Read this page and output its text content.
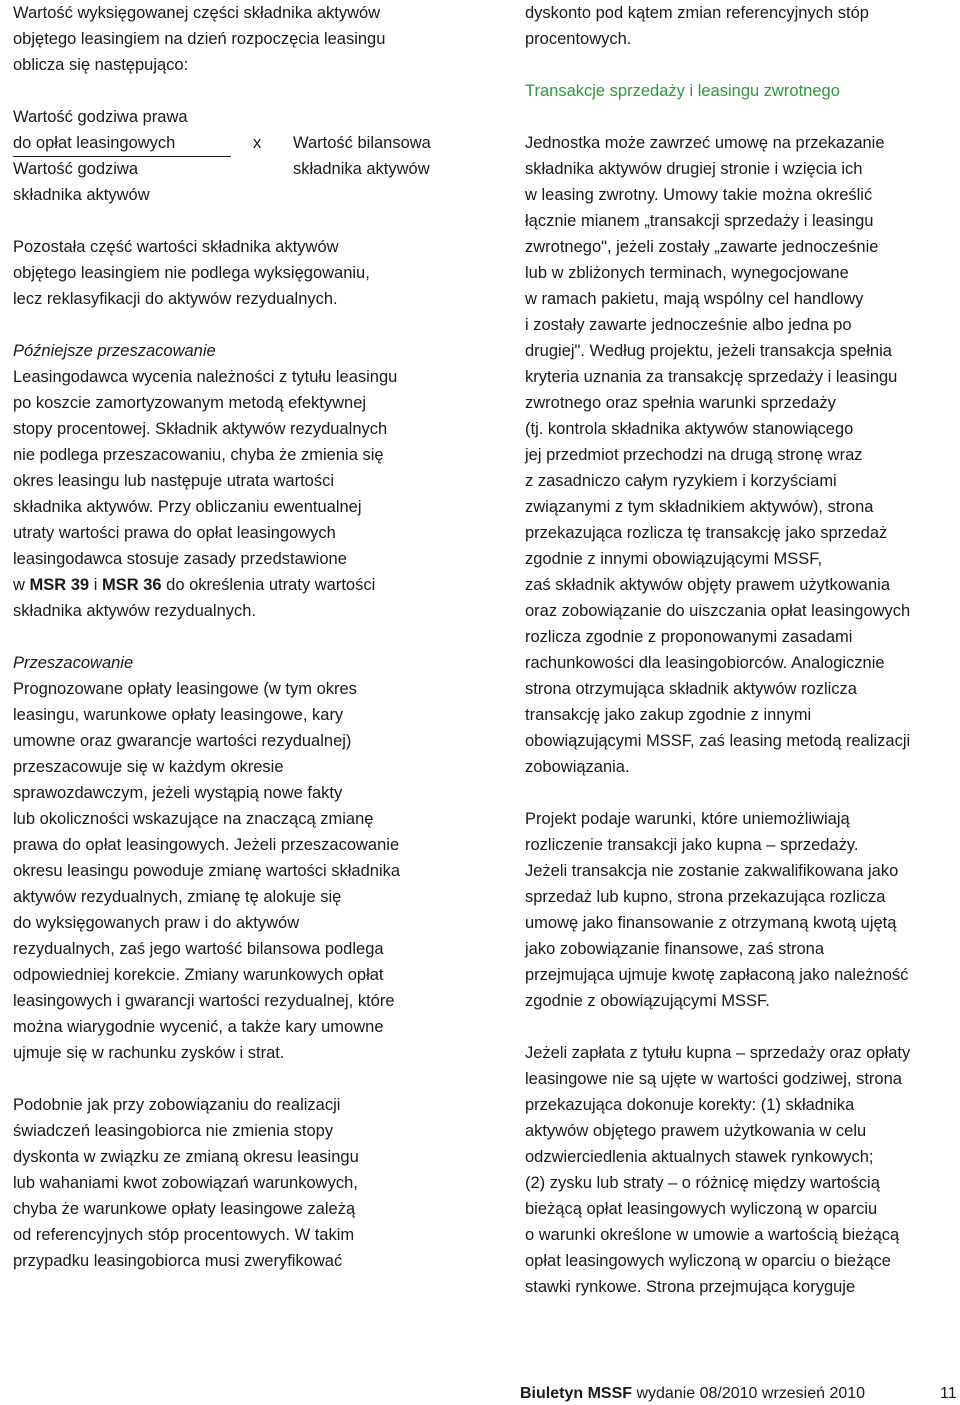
Wartość wyksięgowanej części składnika aktywów
objętego leasingiem na dzień rozpoczęcia leasingu
oblicza się następująco:
Wartość godziwa prawa
do opłat leasingowych
Wartość godziwa
składnika aktywów
x Wartość bilansowa
składnika aktywów
Pozostała część wartości składnika aktywów
objętego leasingiem nie podlega wyksięgowaniu,
lecz reklasyfikacji do aktywów rezydualnych.
Późniejsze przeszacowanie
Leasingodawca wycenia należności z tytułu leasingu
po koszcie zamortyzowanym metodą efektywnej
stopy procentowej. Składnik aktywów rezydualnych
nie podlega przeszacowaniu, chyba że zmienia się
okres leasingu lub następuje utrata wartości
składnika aktywów. Przy obliczaniu ewentualnej
utraty wartości prawa do opłat leasingowych
leasingodawca stosuje zasady przedstawione
w MSR 39 i MSR 36 do określenia utraty wartości
składnika aktywów rezydualnych.
Przeszacowanie
Prognozowane opłaty leasingowe (w tym okres
leasingu, warunkowe opłaty leasingowe, kary
umowne oraz gwarancje wartości rezydualnej)
przeszacowuje się w każdym okresie
sprawozdawczym, jeżeli wystąpią nowe fakty
lub okoliczności wskazujące na znaczącą zmianę
prawa do opłat leasingowych. Jeżeli przeszacowanie
okresu leasingu powoduje zmianę wartości składnika
aktywów rezydualnych, zmianę tę alokuje się
do wyksięgowanych praw i do aktywów
rezydualnych, zaś jego wartość bilansowa podlega
odpowiedniej korekcie. Zmiany warunkowych opłat
leasingowych i gwarancji wartości rezydualnej, które
można wiarygodnie wycenić, a także kary umowne
ujmuje się w rachunku zysków i strat.
Podobnie jak przy zobowiązaniu do realizacji
świadczeń leasingobiorca nie zmienia stopy
dyskonta w związku ze zmianą okresu leasingu
lub wahaniami kwot zobowiązań warunkowych,
chyba że warunkowe opłaty leasingowe zależą
od referencyjnych stóp procentowych. W takim
przypadku leasingobiorca musi zweryfikować
dyskonto pod kątem zmian referencyjnych stóp
procentowych.
Transakcje sprzedaży i leasingu zwrotnego
Jednostka może zawrzeć umowę na przekazanie
składnika aktywów drugiej stronie i wzięcia ich
w leasing zwrotny. Umowy takie można określić
łącznie mianem „transakcji sprzedaży i leasingu
zwrotnego", jeżeli zostały „zawarte jednocześnie
lub w zbliżonych terminach, wynegocjowane
w ramach pakietu, mają wspólny cel handlowy
i zostały zawarte jednocześnie albo jedna po
drugiej". Według projektu, jeżeli transakcja spełnia
kryteria uznania za transakcję sprzedaży i leasingu
zwrotnego oraz spełnia warunki sprzedaży
(tj. kontrola składnika aktywów stanowiącego
jej przedmiot przechodzi na drugą stronę wraz
z zasadniczo całym ryzykiem i korzyściami
związanymi z tym składnikiem aktywów), strona
przekazująca rozlicza tę transakcję jako sprzedaż
zgodnie z innymi obowiązującymi MSSF,
zaś składnik aktywów objęty prawem użytkowania
oraz zobowiązanie do uiszczania opłat leasingowych
rozlicza zgodnie z proponowanymi zasadami
rachunkowości dla leasingobiorców. Analogicznie
strona otrzymująca składnik aktywów rozlicza
transakcję jako zakup zgodnie z innymi
obowiązującymi MSSF, zaś leasing metodą realizacji
zobowiązania.
Projekt podaje warunki, które uniemożliwiają
rozliczenie transakcji jako kupna – sprzedaży.
Jeżeli transakcja nie zostanie zakwalifikowana jako
sprzedaż lub kupno, strona przekazująca rozlicza
umowę jako finansowanie z otrzymaną kwotą ujętą
jako zobowiązanie finansowe, zaś strona
przejmująca ujmuje kwotę zapłaconą jako należność
zgodnie z obowiązującymi MSSF.
Jeżeli zapłata z tytułu kupna – sprzedaży oraz opłaty
leasingowe nie są ujęte w wartości godziwej, strona
przekazująca dokonuje korekty: (1) składnika
aktywów objętego prawem użytkowania w celu
odzwierciedlenia aktualnych stawek rynkowych;
(2) zysku lub straty – o różnicę między wartością
bieżącą opłat leasingowych wyliczoną w oparciu
o warunki określone w umowie a wartością bieżącą
opłat leasingowych wyliczoną w oparciu o bieżące
stawki rynkowe. Strona przejmująca koryguje
Biuletyn MSSF wydanie 08/2010 wrzesień 2010	11
